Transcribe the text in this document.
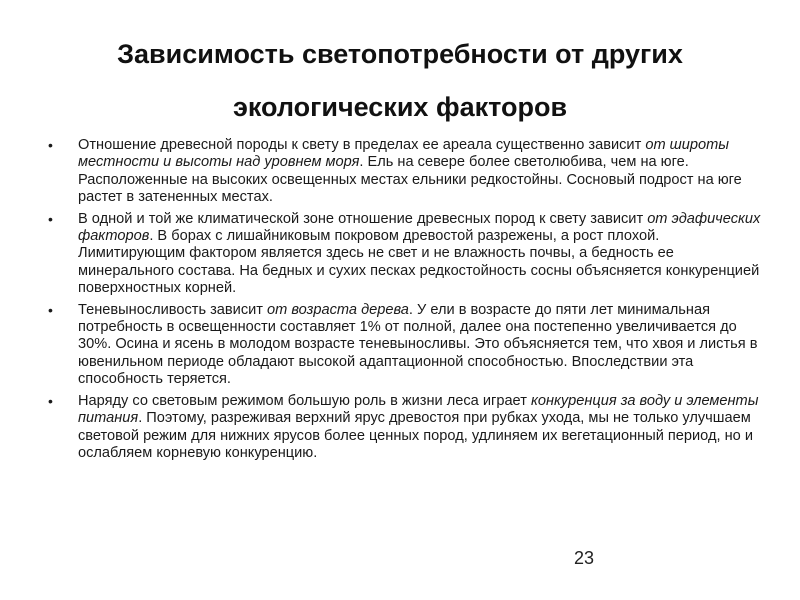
Зависимость светопотребности от других экологических факторов
• Отношение древесной породы к свету в пределах ее ареала существенно зависит от широты местности и высоты над уровнем моря. Ель на севере более светолюбива, чем на юге. Расположенные на высоких освещенных местах ельники редкостойны. Сосновый подрост на юге растет в затененных местах.
• В одной и той же климатической зоне отношение древесных пород к свету зависит от эдафических факторов. В борах с лишайниковым покровом древостой разрежены, а рост плохой. Лимитирующим фактором является здесь не свет и не влажность почвы, а бедность ее минерального состава. На бедных и сухих песках редкостойность сосны объясняется конкуренцией поверхностных корней.
• Теневыносливость зависит от возраста дерева. У ели в возрасте до пяти лет минимальная потребность в освещенности составляет 1% от полной, далее она постепенно увеличивается до 30%. Осина и ясень в молодом возрасте теневыносливы. Это объясняется тем, что хвоя и листья в ювенильном периоде обладают высокой адаптационной способностью. Впоследствии эта способность теряется.
• Наряду со световым режимом большую роль в жизни леса играет конкуренция за воду и элементы питания. Поэтому, разреживая верхний ярус древостоя при рубках ухода, мы не только улучшаем световой режим для нижних ярусов более ценных пород, удлиняем их вегетационный период, но и ослабляем корневую конкуренцию.
23
